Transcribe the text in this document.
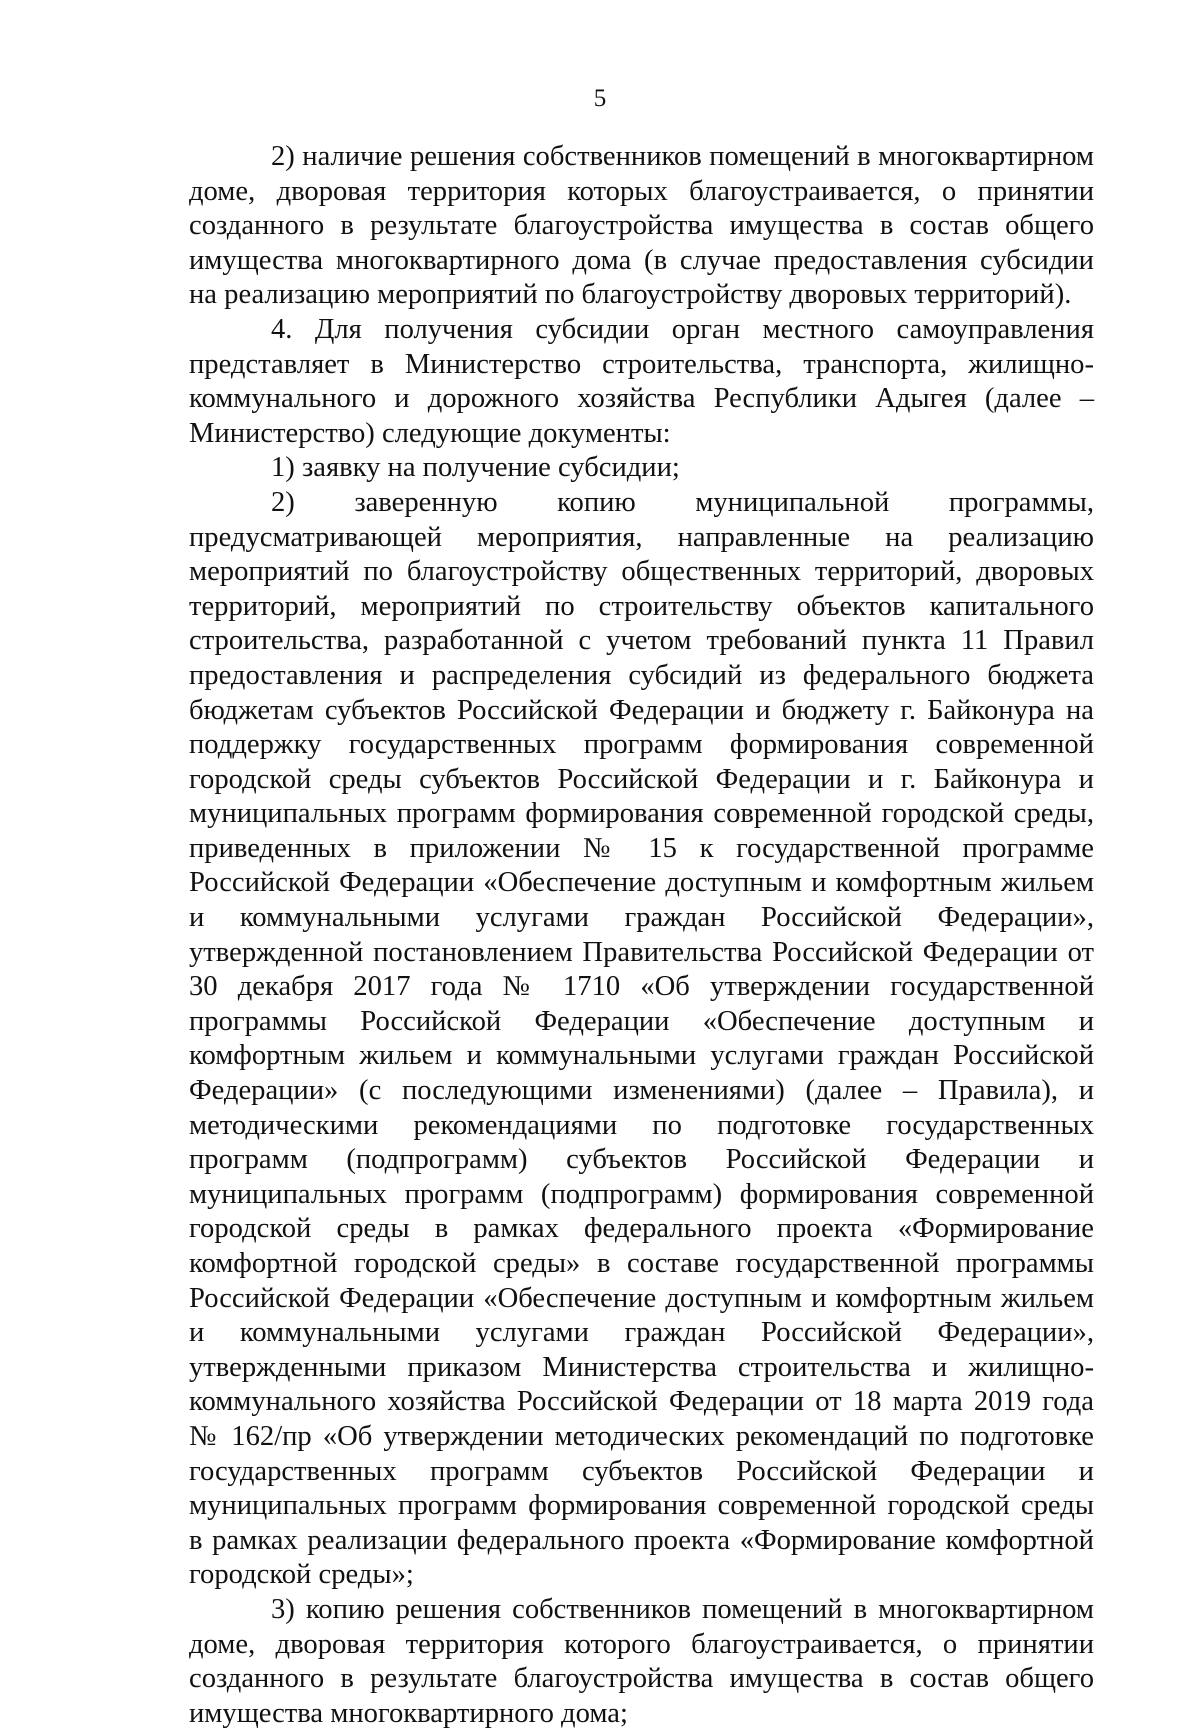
5

2) наличие решения собственников помещений в многоквартирном доме, дворовая территория которых благоустраивается, о принятии созданного в результате благоустройства имущества в состав общего имущества многоквартирного дома (в случае предоставления субсидии на реализацию мероприятий по благоустройству дворовых территорий).

4. Для получения субсидии орган местного самоуправления представляет в Министерство строительства, транспорта, жилищно-коммунального и дорожного хозяйства Республики Адыгея (далее – Министерство) следующие документы:

1) заявку на получение субсидии;

2) заверенную копию муниципальной программы, предусматривающей мероприятия, направленные на реализацию мероприятий по благоустройству общественных территорий, дворовых территорий, мероприятий по строительству объектов капитального строительства, разработанной с учетом требований пункта 11 Правил предоставления и распределения субсидий из федерального бюджета бюджетам субъектов Российской Федерации и бюджету г. Байконура на поддержку государственных программ формирования современной городской среды субъектов Российской Федерации и г. Байконура и муниципальных программ формирования современной городской среды, приведенных в приложении № 15 к государственной программе Российской Федерации «Обеспечение доступным и комфортным жильем и коммунальными услугами граждан Российской Федерации», утвержденной постановлением Правительства Российской Федерации от 30 декабря 2017 года № 1710 «Об утверждении государственной программы Российской Федерации «Обеспечение доступным и комфортным жильем и коммунальными услугами граждан Российской Федерации» (с последующими изменениями) (далее – Правила), и методическими рекомендациями по подготовке государственных программ (подпрограмм) субъектов Российской Федерации и муниципальных программ (подпрограмм) формирования современной городской среды в рамках федерального проекта «Формирование комфортной городской среды» в составе государственной программы Российской Федерации «Обеспечение доступным и комфортным жильем и коммунальными услугами граждан Российской Федерации», утвержденными приказом Министерства строительства и жилищно-коммунального хозяйства Российской Федерации от 18 марта 2019 года № 162/пр «Об утверждении методических рекомендаций по подготовке государственных программ субъектов Российской Федерации и муниципальных программ формирования современной городской среды в рамках реализации федерального проекта «Формирование комфортной городской среды»;

3) копию решения собственников помещений в многоквартирном доме, дворовая территория которого благоустраивается, о принятии созданного в результате благоустройства имущества в состав общего имущества многоквартирного дома;
